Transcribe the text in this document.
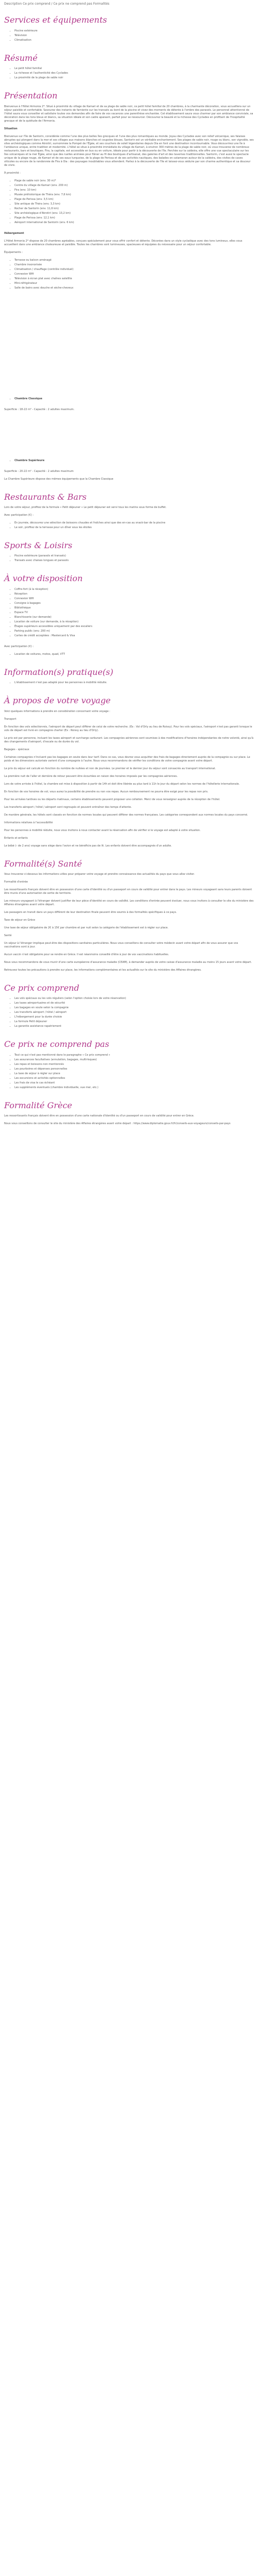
Description Ce prix comprend / Ce prix ne comprend pas Formalités
Services et équipements
• Piscine extérieure
• Télévision
• Climatisation
Résumé
• Le petit hôtel familial
• La richesse et l'authenticité des Cyclades
• La proximité de la plage de sable noir
Présentation

Bienvenue à l'Hôtel Armonia 2*. Situé à proximité du village de Kamari et de sa plage de sable noir, ce petit hôtel familial de 20 chambres, à la charmante décoration, vous accueillera sur un séjour paisible et confortable. Savourez des instants de farniente sur les transats au bord de la piscine et vivez des moments de détente à l'ombre des parasols. Le personnel attentionné de l'hôtel saura vous conseiller et satisfaire toutes vos demandes afin de faire de vos vacances une parenthèse enchantée. Cet établissement saura vous charmer par son ambiance conviviale, sa décoration dans les tons bleus et blancs, sa situation idéale et son cadre apaisant, parfait pour se ressourcer. Découvrez la beauté et la richesse des Cyclades en profitant de l'hospitalité grecque et de la quiétude de l'Armonia.

Situation

Bienvenue sur l'île de Santorin, considérée comme l'une des plus belles îles grecques et l'une des plus romantiques au monde. Joyau des Cyclades avec son relief volcanique, ses falaises abruptes qui plongent dans la mer et ses villages aux maisons blanches et coupoles bleues, Santorin est un véritable enchantement. Ses plages de sable noir, rouge ou blanc, son vignoble, ses sites archéologiques comme Akrotiri, surnommée la Pompéi de l'Égée, et ses couchers de soleil légendaires depuis Oia en font une destination incontournable. Vous découvrirez une île à l'ambiance unique, entre tradition et modernité. L'hôtel se situe à proximité immédiate du village de Kamari, à environ 300 mètres de la plage de sable noir, où vous trouverez de nombreux restaurants, bars et boutiques. Fira, la capitale, est accessible en bus ou en voiture, idéale pour partir à la découverte de l'île. Perchée sur la caldeira, elle offre une vue spectaculaire sur les îles volcaniques et la mer Égée, ainsi que des ruelles animées pour flâner au fil des boutiques d'artisanat, des galeries d'art et des tavernes traditionnelles. Santorin, c'est aussi le spectacle unique de la plage rouge, de Kamari et de ses eaux turquoise, de la plage de Perissa et de ses activités nautiques, des balades en catamaran autour de la caldeira, des visites de caves viticoles ou encore de la randonnée de Fira à Oia : des paysages inoubliables vous attendent. Partez à la découverte de l'île et laissez-vous séduire par son charme authentique et sa douceur de vivre.

À proximité :

• Plage de sable noir (env. 30 m)*
• Centre du village de Kamari (env. 200 m)
• Fira (env. 10 km)
• Musée préhistorique de Théra (env. 7,6 km)
• Plage de Perissa (env. 3,5 km)
• Site antique de Théra (env. 3,3 km)
• Rocher de Santorin (env. 11,6 km)
• Site archéologique d'Akrotiri (env. 13,2 km)
• Plage de Perissa (env. 12,1 km)
• Aéroport international de Santorin (env. 6 km)

Hébergement

L'Hôtel Armonia 2* dispose de 20 chambres agréables, conçues spécialement pour vous offrir confort et détente. Décorées dans un style cycladique avec des tons lumineux, elles vous accueillent dans une ambiance chaleureuse et paisible. Toutes les chambres sont lumineuses, spacieuses et équipées du nécessaire pour un séjour confortable.

Équipements :

• Terrasse ou balcon aménagé
• Chambre insonorisée
• Climatisation / chauffage (contrôle individuel)
• Connexion Wifi
• Télévision à écran plat avec chaînes satellite
• Mini-réfrigérateur
• Salle de bains avec douche et sèche-cheveux
• Chambre Classique

Superficie : 18-22 m² - Capacité : 2 adultes maximum.

• Chambre Supérieure

Superficie : 20-22 m² - Capacité : 2 adultes maximum

La Chambre Supérieure dispose des mêmes équipements que la Chambre Classique

Restaurants & Bars

Lors de votre séjour, profitez de la formule « Petit déjeuner » Le petit déjeuner est servi tous les matins sous forme de buffet.

Avec participation (€) :

• En journée, découvrez une sélection de boissons chaudes et fraîches ainsi que des en-cas au snack-bar de la piscine
• Le soir, profitez de la terrasse pour un dîner sous les étoiles
Sports & Loisirs
• Piscine extérieure (parasols et transats)
• Transats avec chaises longues et parasols
À votre disposition
• Coffre-fort (à la réception)
• Réception
• Connexion Wifi
• Consigne à bagages
• Bibliothèque
• Espace TV
• Blanchisserie (sur demande)
• Location de voiture (sur demande, à la réception)
• Étages supérieurs accessibles uniquement par des escaliers
• Parking public (env. 200 m)
• Cartes de crédit acceptées : Mastercard & Visa

Avec participation (€) :

• Location de voitures, motos, quad, VTT
Information(s) pratique(s)
• L'établissement n'est pas adapté pour les personnes à mobilité réduite.
À propos de votre voyage

Voici quelques informations à prendre en considération concernant votre voyage :

Transport

En fonction des vols sélectionnés, l'aéroport de départ peut différer de celui de votre recherche. (Ex : Vol d'Orly au lieu de Roissy). Pour les vols spéciaux, l'aéroport n'est pas garanti lorsque le vols de départ est livré en compagnie charter (Ex : Roissy au lieu d'Orly).

Le prix est par personne, incluant les taxes aéroport et surcharge carburant. Les compagnies aériennes sont soumises à des modifications d'horaires indépendantes de notre volonté, ainsi qu'à des changements d'aéroport, d'escale ou de durée du vol.

Bagages - spéciaux

Certaines compagnies n'incluent pas les bagages en soute dans leur tarif. Dans ce cas, vous devrez vous acquitter des frais de bagages directement auprès de la compagnie ou sur place. Le poids et les dimensions autorisés varient d'une compagnie à l'autre. Nous vous recommandons de vérifier les conditions de votre compagnie avant votre départ.

Le prix du séjour est calculé en fonction du nombre de nuitées et non de journées. Le premier et le dernier jour du séjour sont consacrés au transport international.

La première nuit de l'aller et dernière de retour peuvent être écourtées en raison des horaires imposés par les compagnies aériennes.

Lors de votre arrivée à l'hôtel, la chambre est mise à disposition à partir de 14h et doit être libérée au plus tard à 11h le jour du départ selon les normes de l'hôtellerie internationale.

En fonction de vos horaires de vol, vous aurez la possibilité de prendre ou non vos repas. Aucun remboursement ne pourra être exigé pour les repas non pris.

Pour les arrivées tardives ou les départs matinaux, certains établissements peuvent proposer une collation. Merci de vous renseigner auprès de la réception de l'hôtel.

Les transferts aéroport / hôtel / aéroport sont regroupés et peuvent entraîner des temps d'attente.

De manière générale, les hôtels sont classés en fonction de normes locales qui peuvent différer des normes françaises. Les catégories correspondent aux normes locales du pays concerné.

Informations relatives à l'accessibilité

Pour les personnes à mobilité réduite, nous vous invitons à nous contacter avant la réservation afin de vérifier si le voyage est adapté à votre situation.

Enfants et enfants

Le bébé (- de 2 ans) voyage sans siège dans l'avion et ne bénéficie pas de lit. Les enfants doivent être accompagnés d'un adulte.

Formalité(s) Santé

Vous trouverez ci-dessous les informations utiles pour préparer votre voyage et prendre connaissance des actualités du pays que vous allez visiter.

Formalité d'entrée

Les ressortissants français doivent être en possession d'une carte d'identité ou d'un passeport en cours de validité pour entrer dans le pays. Les mineurs voyageant sans leurs parents doivent être munis d'une autorisation de sortie de territoire.

Les mineurs voyageant à l'étranger doivent justifier de leur pièce d'identité en cours de validité. Les conditions d'entrée peuvent évoluer, nous vous invitons à consulter le site du ministère des Affaires étrangères avant votre départ.

Les passagers en transit dans un pays différent de leur destination finale peuvent être soumis à des formalités spécifiques à ce pays.

Taxe de séjour en Grèce

Une taxe de séjour obligatoire de 2€ à 15€ par chambre et par nuit selon la catégorie de l'établissement est à régler sur place.

Santé

Un séjour à l'étranger implique peut-être des dispositions sanitaires particulières. Nous vous conseillons de consulter votre médecin avant votre départ afin de vous assurer que vos vaccinations sont à jour.

Aucun vaccin n'est obligatoire pour se rendre en Grèce. Il est néanmoins conseillé d'être à jour de vos vaccinations habituelles.

Nous vous recommandons de vous munir d'une carte européenne d'assurance maladie (CEAM), à demander auprès de votre caisse d'assurance maladie au moins 15 jours avant votre départ.

Retrouvez toutes les précautions à prendre sur place, les informations complémentaires et les actualités sur le site du ministère des Affaires étrangères.

Ce prix comprend
• Les vols spéciaux ou les vols réguliers (selon l'option choisie lors de votre réservation)
• Les taxes aéroportuaires et de sécurité
• Les bagages en soute selon la compagnie
• Les transferts aéroport / hôtel / aéroport
• L'hébergement pour la durée choisie
• La formule Petit déjeuner
• La garantie assistance rapatriement
Ce prix ne comprend pas
• Tout ce qui n'est pas mentionné dans le paragraphe « Ce prix comprend »
• Les assurances facultatives (annulation, bagages, multirisques)
• Les repas et boissons non mentionnés
• Les pourboires et dépenses personnelles
• La taxe de séjour à régler sur place
• Les excursions et activités optionnelles
• Les frais de visa le cas échéant
• Les suppléments éventuels (chambre individuelle, vue mer, etc.)
Formalité Grèce

Les ressortissants français doivent être en possession d'une carte nationale d'identité ou d'un passeport en cours de validité pour entrer en Grèce.

Nous vous conseillons de consulter le site du ministère des Affaires étrangères avant votre départ : https://www.diplomatie.gouv.fr/fr/conseils-aux-voyageurs/conseils-par-pays
